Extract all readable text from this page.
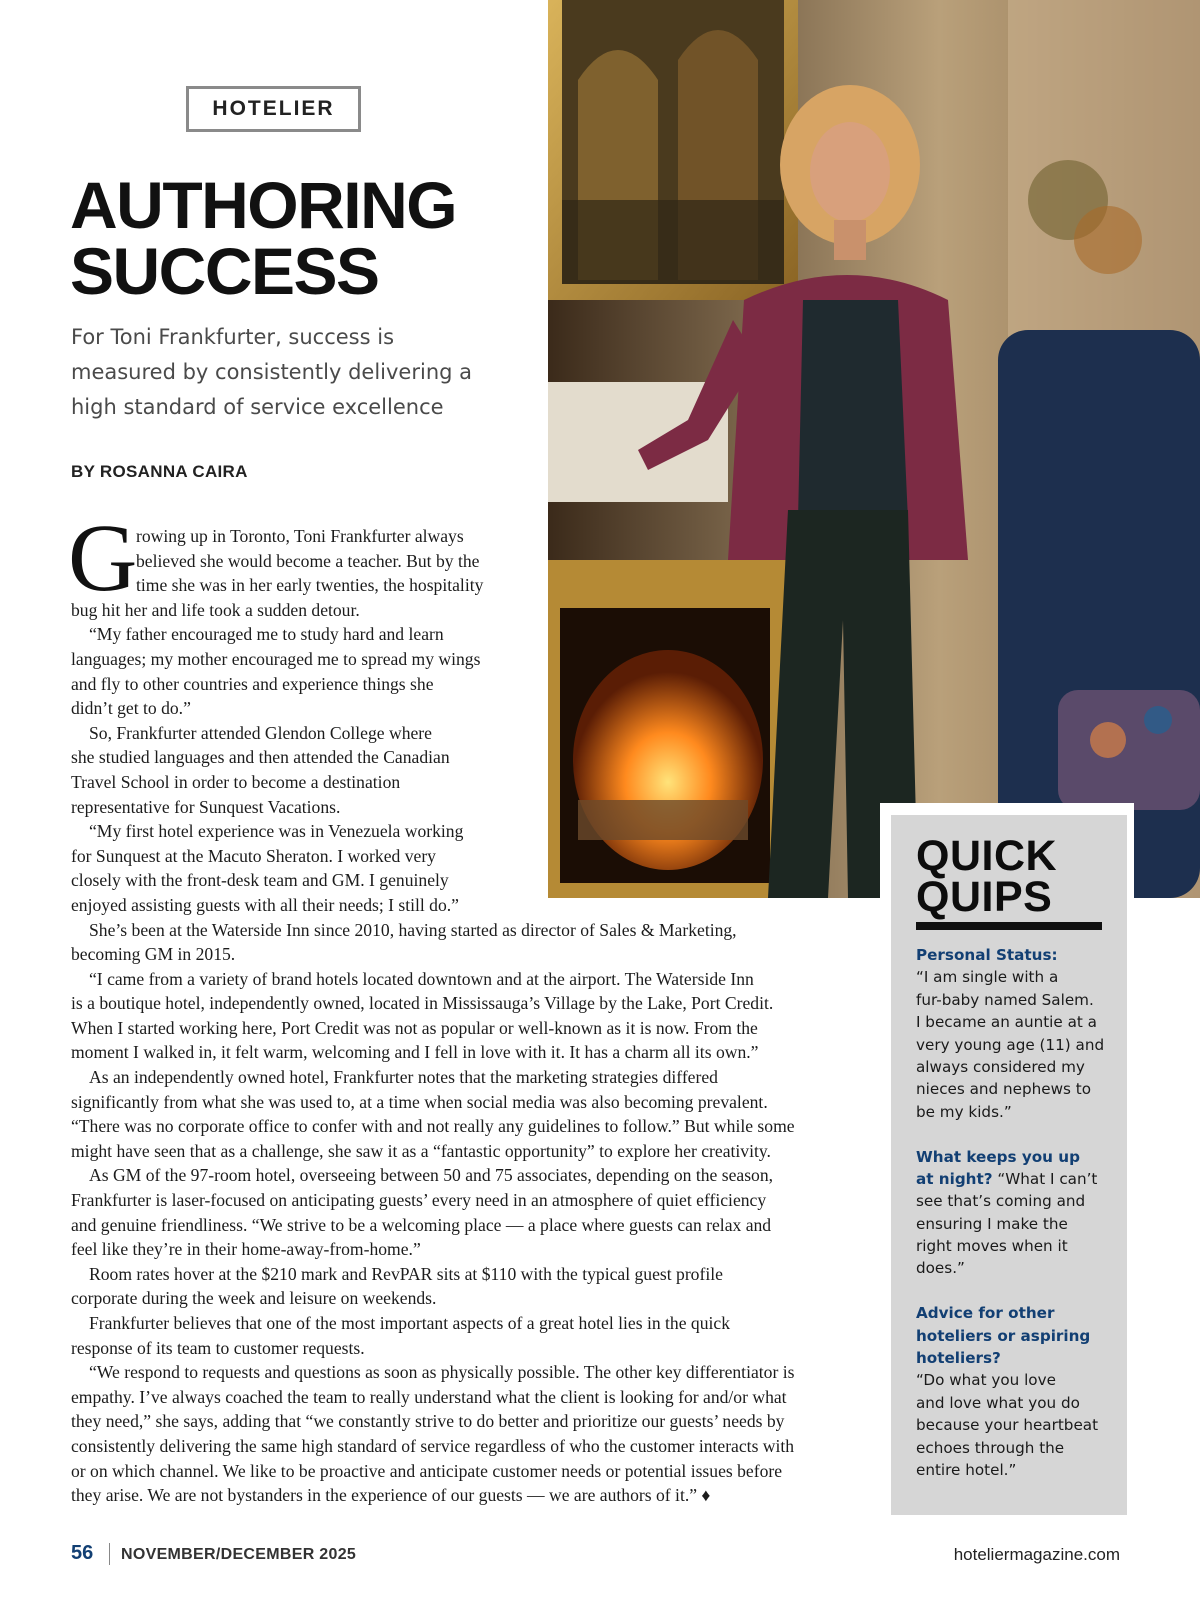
HOTELIER
AUTHORING
SUCCESS

For Toni Frankfurter, success is measured by consistently delivering a high standard of service excellence

BY ROSANNA CAIRA
G
rowing up in Toronto, Toni Frankfurter always
believed she would become a teacher. But by the
time she was in her early twenties, the hospitality
bug hit her and life took a sudden detour.
“My father encouraged me to study hard and learn
languages; my mother encouraged me to spread my wings
and fly to other countries and experience things she
didn’t get to do.”
So, Frankfurter attended Glendon College where
she studied languages and then attended the Canadian
Travel School in order to become a destination
representative for Sunquest Vacations.
“My first hotel experience was in Venezuela working
for Sunquest at the Macuto Sheraton. I worked very
closely with the front-desk team and GM. I genuinely
enjoyed assisting guests with all their needs; I still do.”
She’s been at the Waterside Inn since 2010, having started as director of Sales & Marketing,
becoming GM in 2015.
“I came from a variety of brand hotels located downtown and at the airport. The Waterside Inn
is a boutique hotel, independently owned, located in Mississauga’s Village by the Lake, Port Credit.
When I started working here, Port Credit was not as popular or well-known as it is now. From the
moment I walked in, it felt warm, welcoming and I fell in love with it. It has a charm all its own.”
As an independently owned hotel, Frankfurter notes that the marketing strategies differed
significantly from what she was used to, at a time when social media was also becoming prevalent.
“There was no corporate office to confer with and not really any guidelines to follow.” But while some
might have seen that as a challenge, she saw it as a “fantastic opportunity” to explore her creativity.
As GM of the 97-room hotel, overseeing between 50 and 75 associates, depending on the season,
Frankfurter is laser-focused on anticipating guests’ every need in an atmosphere of quiet efficiency
and genuine friendliness. “We strive to be a welcoming place — a place where guests can relax and
feel like they’re in their home-away-from-home.”
Room rates hover at the $210 mark and RevPAR sits at $110 with the typical guest profile
corporate during the week and leisure on weekends.
Frankfurter believes that one of the most important aspects of a great hotel lies in the quick
response of its team to customer requests.
“We respond to requests and questions as soon as physically possible. The other key differentiator is
empathy. I’ve always coached the team to really understand what the client is looking for and/or what
they need,” she says, adding that “we constantly strive to do better and prioritize our guests’ needs by
consistently delivering the same high standard of service regardless of who the customer interacts with
or on which channel. We like to be proactive and anticipate customer needs or potential issues before
they arise. We are not bystanders in the experience of our guests — we are authors of it.” ♦
QUICK
QUIPS
Personal Status:
“I am single with a
fur-baby named Salem.
I became an auntie at a
very young age (11) and
always considered my
nieces and nephews to
be my kids.”
What keeps you up
at night? “What I can’t
see that’s coming and
ensuring I make the
right moves when it
does.”
Advice for other
hoteliers or aspiring
hoteliers?
“Do what you love
and love what you do
because your heartbeat
echoes through the
entire hotel.”
56 NOVEMBER/DECEMBER 2025	hoteliermagazine.com
